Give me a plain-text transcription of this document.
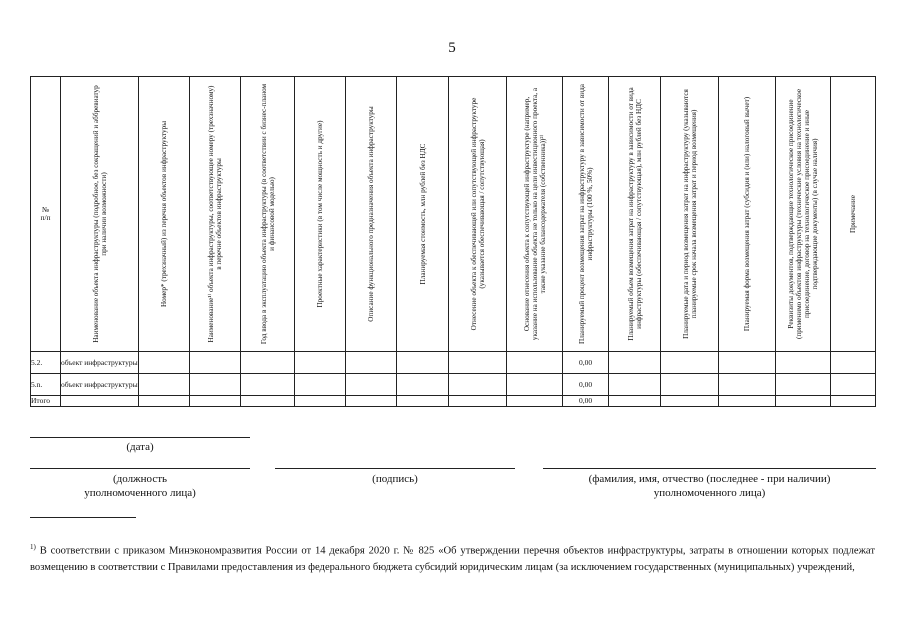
5
№
п/п	Наименование объекта инфраструктуры (подробное, без сокращений и аббревиатур при наличии возможности)	Номер* (трехзначный) из перечня объектов инфраструктуры	Наименование¹⁾ объекта инфраструктуры, соответствующее номеру (трехзначному) в перечне объектов инфраструктуры	Год ввода в эксплуатацию объекта инфраструктуры (в соответствии с бизнес-планом и финансовой моделью)	Проектные характеристики (в том числе мощность и другие)	Описание функционального предназначения объекта инфраструктуры	Планируемая стоимость, млн рублей без НДС	Отнесение объекта к обеспечивающей или сопутствующей инфраструктуре (указывается обеспечивающая / сопутствующая)	Основание отнесения объекта к сопутствующей инфраструктуре (например, указание на использование объекта не только на цели инвестиционного проекта, а также указание балансодержателя (собственника))²⁾	Планируемый процент возмещения затрат на инфраструктуру в зависимости от вида инфраструктуры (100 %, 50%)	Планируемый объем возмещения затрат на инфраструктуру в зависимости от вида инфраструктуры (обеспечивающая / сопутствующая), млн рублей без НДС	Планируемые дата и период возмещения затрат на инфраструктуру (указываются планируемые срок начала возмещения затрат и период возмещения)	Планируемая форма возмещения затрат (субсидия и (или) налоговый вычет)	Реквизиты документов, подтверждающие технологическое присоединение (применимо объектов инфраструктуры (технические условия на технологическое присоединение, договор на технологическое присоединение и иные подтверждающие документы) (в случае наличия)	Примечание

5.2.	объект инфраструктуры									0,00					
5.n.	объект инфраструктуры									0,00					
Итого										0,00					
(дата)
(должность
уполномоченного лица)
(подпись)	(фамилия, имя, отчество (последнее - при наличии)
уполномоченного лица)
$^{1)}$ В соответствии с приказом Минэкономразвития России от 14 декабря 2020 г. № 825 «Об утверждении перечня объектов инфраструктуры, затраты в отношении которых подлежат возмещению в соответствии с Правилами предоставления из федерального бюджета субсидий юридическим лицам (за исключением государственных (муниципальных) учреждений,
